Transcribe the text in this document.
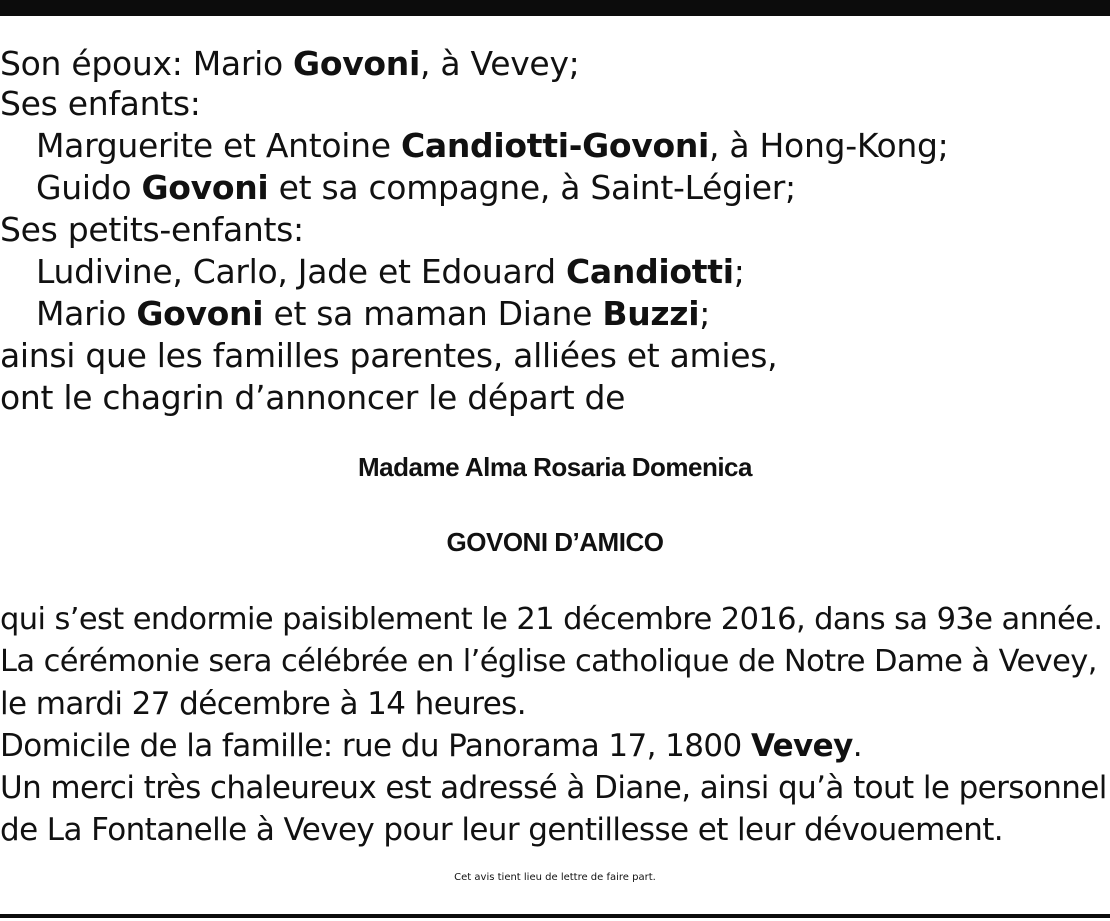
Son époux: Mario Govoni, à Vevey;
Ses enfants:
Marguerite et Antoine Candiotti-Govoni, à Hong-Kong;
Guido Govoni et sa compagne, à Saint-Légier;
Ses petits-enfants:
Ludivine, Carlo, Jade et Edouard Candiotti;
Mario Govoni et sa maman Diane Buzzi;
ainsi que les familles parentes, alliées et amies,
ont le chagrin d’annoncer le départ de
Madame Alma Rosaria Domenica
GOVONI D’AMICO
qui s’est endormie paisiblement le 21 décembre 2016, dans sa 93e année.
La cérémonie sera célébrée en l’église catholique de Notre Dame à Vevey,
le mardi 27 décembre à 14 heures.
Domicile de la famille: rue du Panorama 17, 1800 Vevey.
Un merci très chaleureux est adressé à Diane, ainsi qu’à tout le personnel
de La Fontanelle à Vevey pour leur gentillesse et leur dévouement.
Cet avis tient lieu de lettre de faire part.
